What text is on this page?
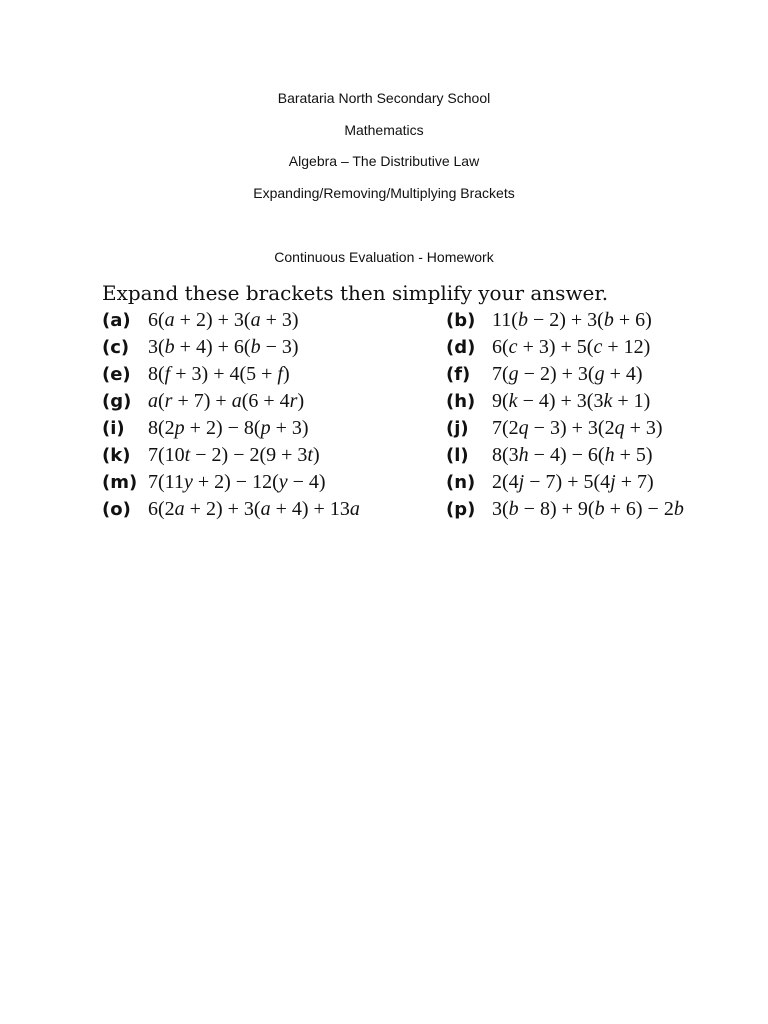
Barataria North Secondary School
Mathematics
Algebra – The Distributive Law
Expanding/Removing/Multiplying Brackets
Continuous Evaluation - Homework
Expand these brackets then simplify your answer.
(a) 6(a + 2) + 3(a + 3)	(b) 11(b − 2) + 3(b + 6)
(c) 3(b + 4) + 6(b − 3)	(d) 6(c + 3) + 5(c + 12)
(e) 8(f + 3) + 4(5 + f)	(f) 7(g − 2) + 3(g + 4)
(g) a(r + 7) + a(6 + 4r)	(h) 9(k − 4) + 3(3k + 1)
(i) 8(2p + 2) − 8(p + 3)	(j) 7(2q − 3) + 3(2q + 3)
(k) 7(10t − 2) − 2(9 + 3t)	(l) 8(3h − 4) − 6(h + 5)
(m) 7(11y + 2) − 12(y − 4)	(n) 2(4j − 7) + 5(4j + 7)
(o) 6(2a + 2) + 3(a + 4) + 13a	(p) 3(b − 8) + 9(b + 6) − 2b
